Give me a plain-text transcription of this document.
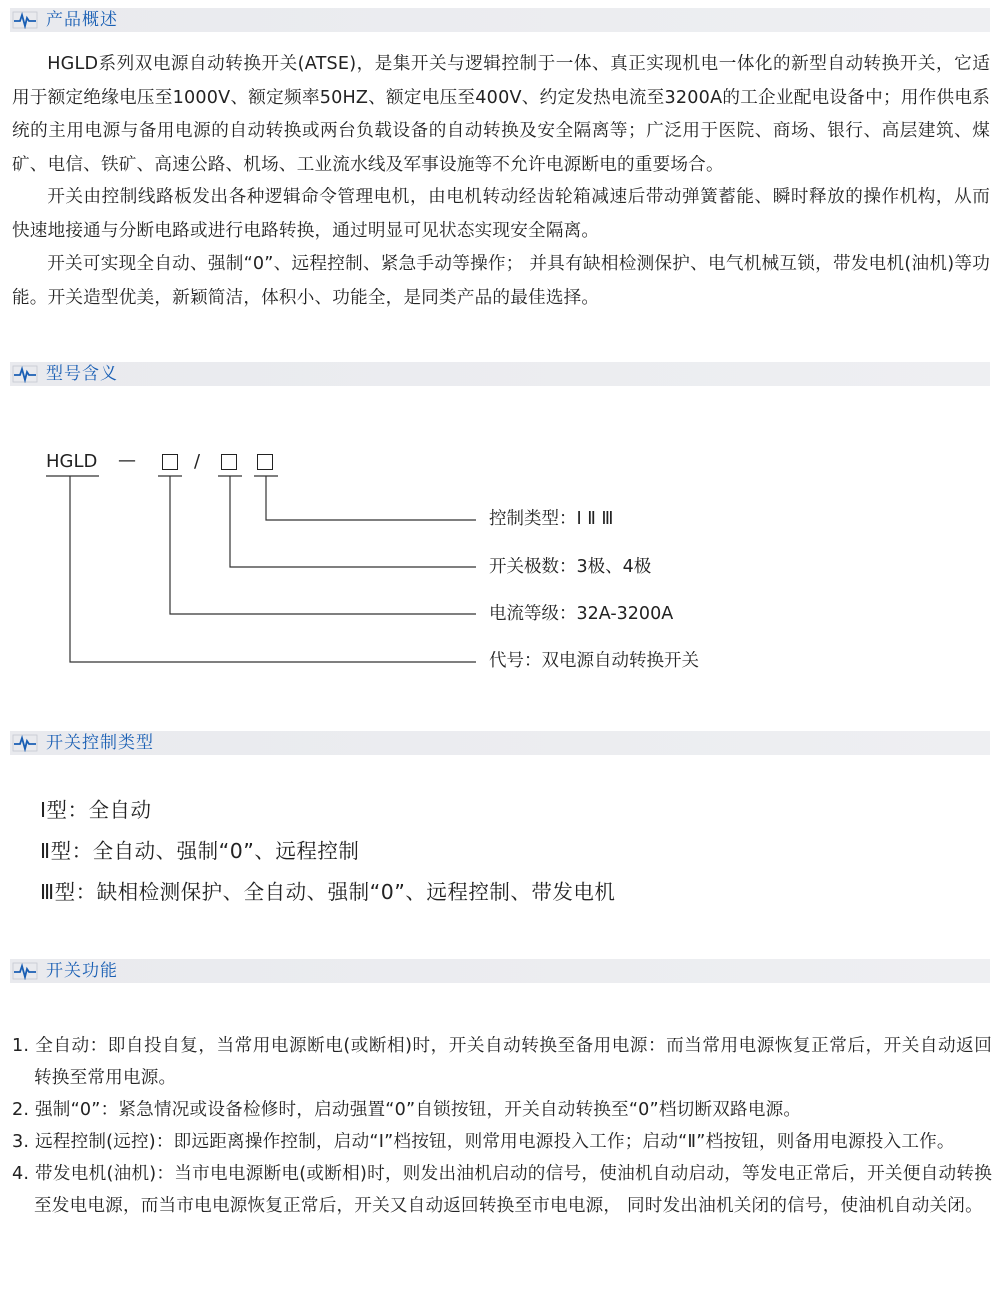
产品概述

HGLD系列双电源自动转换开关(ATSE)，是集开关与逻辑控制于一体、真正实现机电一体化的新型自动转换开关，它适用于额定绝缘电压至1000V、额定频率50HZ、额定电压至400V、约定发热电流至3200A的工企业配电设备中；用作供电系统的主用电源与备用电源的自动转换或两台负载设备的自动转换及安全隔离等；广泛用于医院、商场、银行、高层建筑、煤矿、电信、铁矿、高速公路、机场、工业流水线及军事设施等不允许电源断电的重要场合。

开关由控制线路板发出各种逻辑命令管理电机，由电机转动经齿轮箱减速后带动弹簧蓄能、瞬时释放的操作机构，从而快速地接通与分断电路或进行电路转换，通过明显可见状态实现安全隔离。

开关可实现全自动、强制“0”、远程控制、紧急手动等操作； 并具有缺相检测保护、电气机械互锁，带发电机(油机)等功能。开关造型优美，新颖简洁，体积小、功能全，是同类产品的最佳选择。

型号含义
HGLD —	/
控制类型：Ⅰ Ⅱ Ⅲ
开关极数：3极、4极
电流等级：32A-3200A
代号：双电源自动转换开关
开关控制类型
Ⅰ型：全自动
Ⅱ型：全自动、强制“0”、远程控制
Ⅲ型：缺相检测保护、全自动、强制“0”、远程控制、带发电机
开关功能
1. 全自动：即自投自复，当常用电源断电(或断相)时，开关自动转换至备用电源：而当常用电源恢复正常后，开关自动返回转换至常用电源。
2. 强制“0”：紧急情况或设备检修时，启动强置“0”自锁按钮，开关自动转换至“0”档切断双路电源。
3. 远程控制(远控)：即远距离操作控制，启动“Ⅰ”档按钮，则常用电源投入工作；启动“Ⅱ”档按钮，则备用电源投入工作。
4. 带发电机(油机)：当市电电源断电(或断相)时，则发出油机启动的信号，使油机自动启动，等发电正常后，开关便自动转换至发电电源，而当市电电源恢复正常后，开关又自动返回转换至市电电源， 同时发出油机关闭的信号，使油机自动关闭。
